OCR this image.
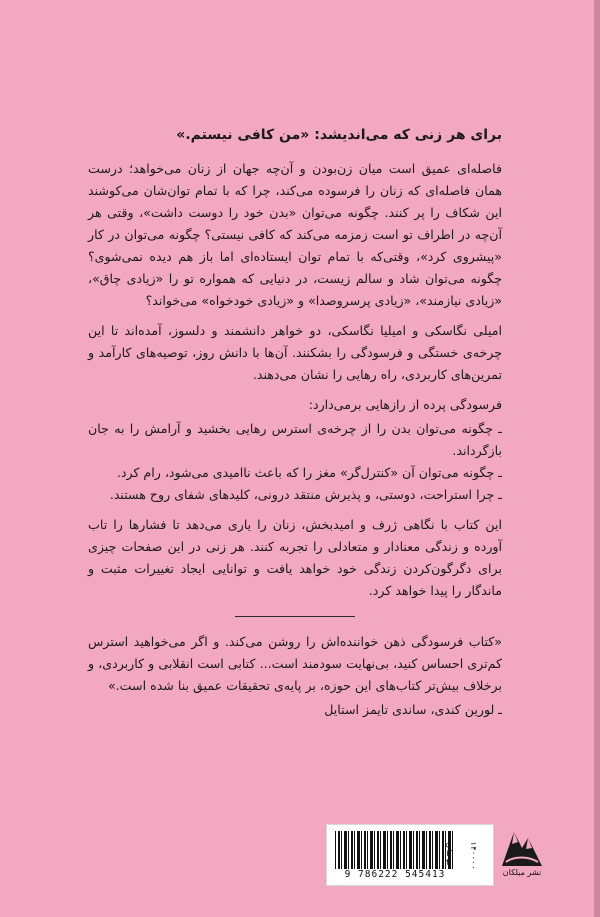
برای هر زنی که می‌اندیشد: «من کافی نیستم.»

فاصله‌ای عمیق است میان زن‌بودن و آن‌چه جهان از زنان می‌خواهد؛ درست همان فاصله‌ای که زنان را فرسوده می‌کند، چرا که با تمام توان‌شان می‌کوشند این شکاف را پر کنند. چگونه می‌توان «بدن خود را دوست داشت»، وقتی هر آن‌چه در اطراف تو است زمزمه می‌کند که کافی نیستی؟ چگونه می‌توان در کار «پیشروی کرد»، وقتی‌که با تمام توان ایستاده‌ای اما باز هم دیده نمی‌شوی؟ چگونه می‌توان شاد و سالم زیست، در دنیایی که همواره تو را «زیادی چاق»، «زیادی نیازمند»، «زیادی پرسروصدا» و «زیادی خودخواه» می‌خواند؟

امیلی نگاسکی و امیلیا نگاسکی، دو خواهر دانشمند و دلسوز، آمده‌اند تا این چرخه‌ی خستگی و فرسودگی را بشکنند. آن‌ها با دانش روز، توصیه‌های کارآمد و تمرین‌های کاربردی، راه رهایی را نشان می‌دهند.

فرسودگی پرده از رازهایی برمی‌دارد:

ـ چگونه می‌توان بدن را از چرخه‌ی استرس رهایی بخشید و آرامش را به جان بازگرداند.
ـ چگونه می‌توان آن «کنترل‌گر» مغز را که باعث ناامیدی می‌شود، رام کرد.
ـ چرا استراحت، دوستی، و پذیرش منتقد درونی، کلیدهای شفای روح هستند.

این کتاب با نگاهی ژرف و امیدبخش، زنان را یاری می‌دهد تا فشارها را تاب آورده و زندگی معنادار و متعادلی را تجربه کنند. هر زنی در این صفحات چیزی برای دگرگون‌کردن زندگی خود خواهد یافت و توانایی ایجاد تغییرات مثبت و ماندگار را پیدا خواهد کرد.

«کتاب فرسودگی ذهن خواننده‌اش را روشن می‌کند. و اگر می‌خواهید استرس کم‌تری احساس کنید، بی‌نهایت سودمند است... کتابی است انقلابی و کاربردی، و برخلاف بیش‌تر کتاب‌های این حوزه، بر پایه‌ی تحقیقات عمیق بنا شده است.»

ـ لورین کندی، ساندی تایمز استایل

9 786222 545413
۱۴۰۰۰۰ تومان
نشر میلکان
